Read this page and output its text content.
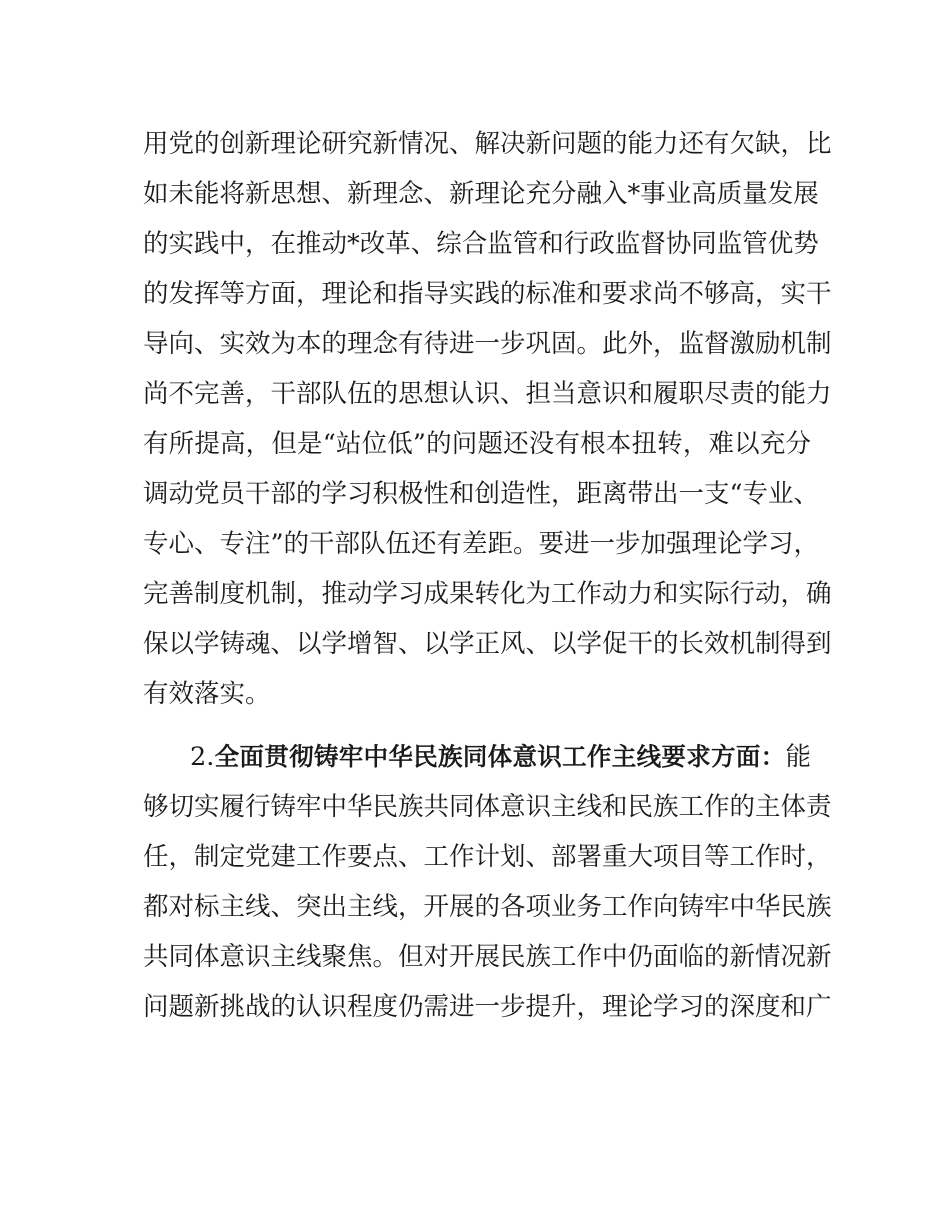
用党的创新理论研究新情况、解决新问题的能力还有欠缺，比
如未能将新思想、新理念、新理论充分融入*事业高质量发展
的实践中，在推动*改革、综合监管和行政监督协同监管优势
的发挥等方面，理论和指导实践的标准和要求尚不够高，实干
导向、实效为本的理念有待进一步巩固。此外，监督激励机制
尚不完善，干部队伍的思想认识、担当意识和履职尽责的能力
有所提高，但是“站位低”的问题还没有根本扭转，难以充分
调动党员干部的学习积极性和创造性，距离带出一支“专业、
专心、专注”的干部队伍还有差距。要进一步加强理论学习，
完善制度机制，推动学习成果转化为工作动力和实际行动，确
保以学铸魂、以学增智、以学正风、以学促干的长效机制得到
有效落实。
2.全面贯彻铸牢中华民族同体意识工作主线要求方面：能
够切实履行铸牢中华民族共同体意识主线和民族工作的主体责
任，制定党建工作要点、工作计划、部署重大项目等工作时，
都对标主线、突出主线，开展的各项业务工作向铸牢中华民族
共同体意识主线聚焦。但对开展民族工作中仍面临的新情况新
问题新挑战的认识程度仍需进一步提升，理论学习的深度和广
